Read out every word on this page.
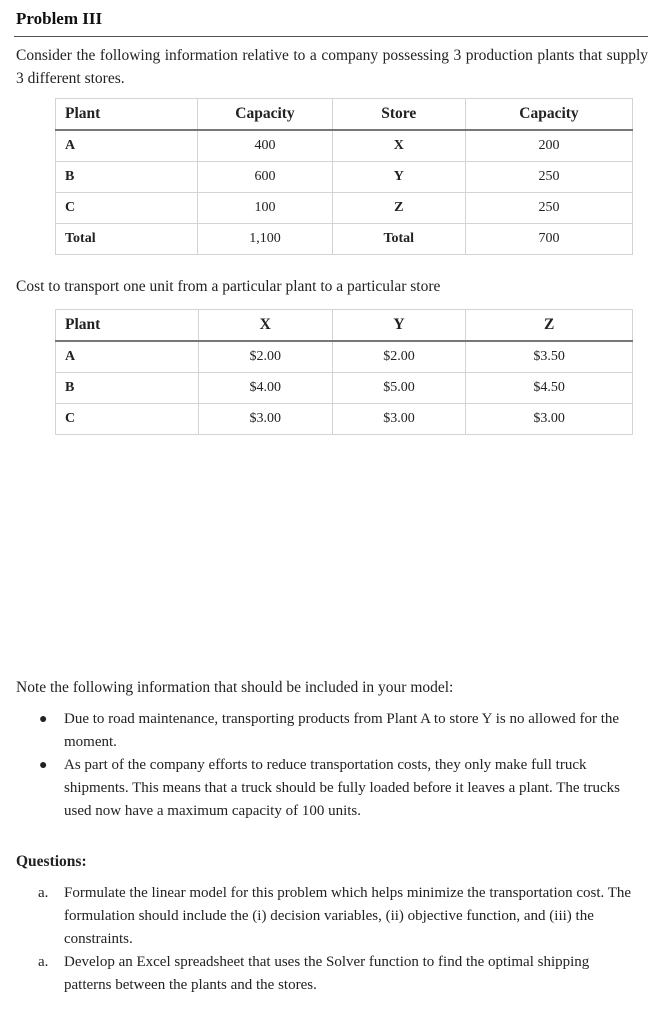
Problem III
Consider the following information relative to a company possessing 3 production plants that supply 3 different stores.
Plant	Capacity	Store	Capacity
A	400	X	200
B	600	Y	250
C	100	Z	250
Total	1,100	Total	700
Cost to transport one unit from a particular plant to a particular store
Plant	X	Y	Z
A	$2.00	$2.00	$3.50
B	$4.00	$5.00	$4.50
C	$3.00	$3.00	$3.00
Note the following information that should be included in your model:
● Due to road maintenance, transporting products from Plant A to store Y is no allowed for the moment.
● As part of the company efforts to reduce transportation costs, they only make full truck shipments. This means that a truck should be fully loaded before it leaves a plant. The trucks used now have a maximum capacity of 100 units.
Questions:
a. Formulate the linear model for this problem which helps minimize the transportation cost. The formulation should include the (i) decision variables, (ii) objective function, and (iii) the constraints.
a. Develop an Excel spreadsheet that uses the Solver function to find the optimal shipping patterns between the plants and the stores.
